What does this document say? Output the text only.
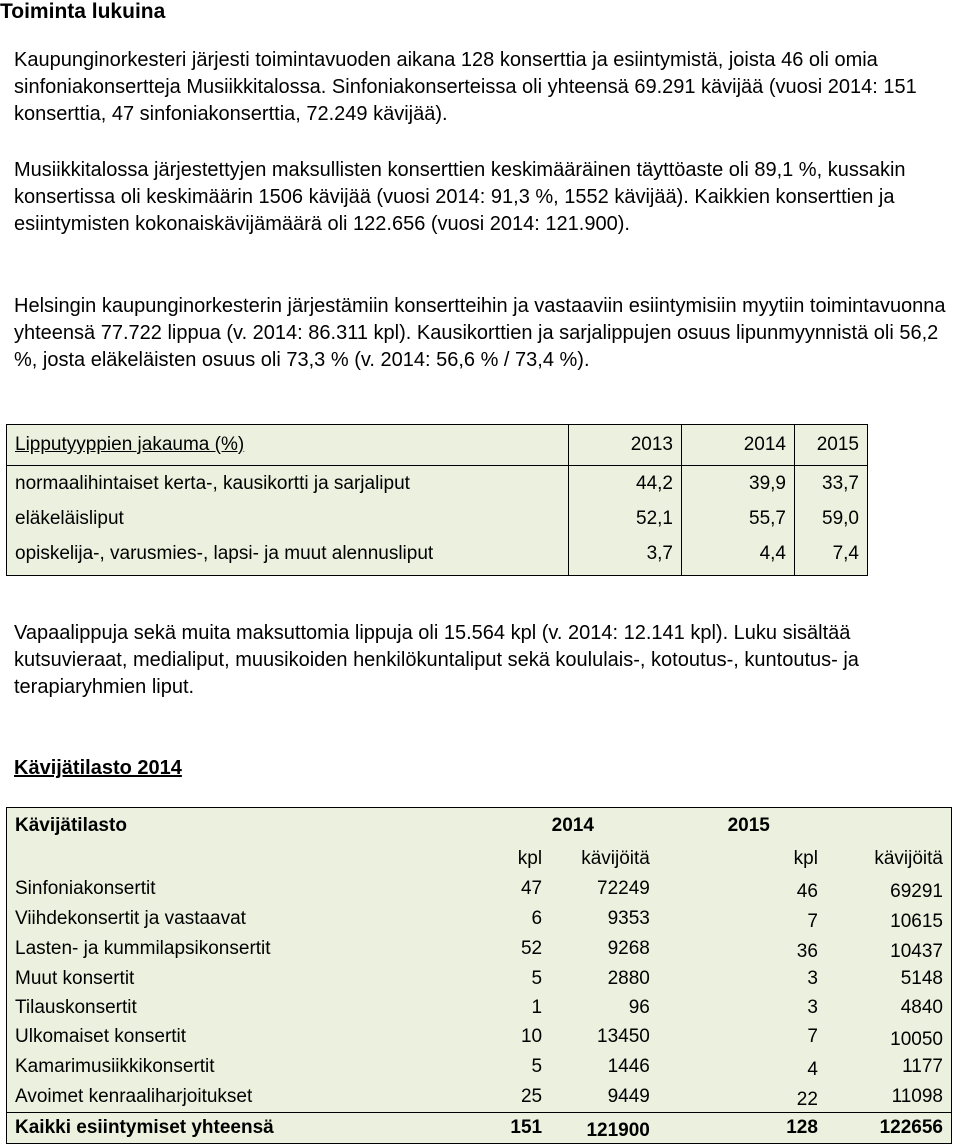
Toiminta lukuina

Kaupunginorkesteri järjesti toimintavuoden aikana 128 konserttia ja esiintymistä, joista 46 oli omia sinfoniakonsertteja Musiikkitalossa. Sinfoniakonserteissa oli yhteensä 69.291 kävijää (vuosi 2014: 151 konserttia, 47 sinfoniakonserttia, 72.249 kävijää).

Musiikkitalossa järjestettyjen maksullisten konserttien keskimääräinen täyttöaste oli 89,1 %, kussakin konsertissa oli keskimäärin 1506 kävijää (vuosi 2014: 91,3 %, 1552 kävijää). Kaikkien konserttien ja esiintymisten kokonaiskävijämäärä oli 122.656 (vuosi 2014: 121.900).

Helsingin kaupunginorkesterin järjestämiin konsertteihin ja vastaaviin esiintymisiin myytiin toimintavuonna yhteensä 77.722 lippua (v. 2014: 86.311 kpl). Kausikorttien ja sarjalippujen osuus lipunmyynnistä oli 56,2 %, josta eläkeläisten osuus oli 73,3 % (v. 2014: 56,6 % / 73,4 %).

Lipputyyppien jakauma (%)	2013	2014	2015
normaalihintaiset kerta-, kausikortti ja sarjaliput	44,2	39,9	33,7
eläkeläisliput	52,1	55,7	59,0
opiskelija-, varusmies-, lapsi- ja muut alennusliput	3,7	4,4	7,4

Vapaalippuja sekä muita maksuttomia lippuja oli 15.564 kpl (v. 2014: 12.141 kpl). Luku sisältää kutsuvieraat, medialiput, muusikoiden henkilökuntaliput sekä koululais-, kotoutus-, kuntoutus- ja terapiaryhmien liput.

Kävijätilasto 2014
Kävijätilasto	2014		2015	
	kpl	kävijöitä	kpl	kävijöitä
Sinfoniakonsertit	47	72249	46	69291
Viihdekonsertit ja vastaavat	6	9353	7	10615
Lasten- ja kummilapsikonsertit	52	9268	36	10437
Muut konsertit	5	2880	3	5148
Tilauskonsertit	1	96	3	4840
Ulkomaiset konsertit	10	13450	7	10050
Kamarimusiikkikonsertit	5	1446	4	1177
Avoimet kenraaliharjoitukset	25	9449	22	11098
Kaikki esiintymiset yhteensä	151	121900	128	122656
